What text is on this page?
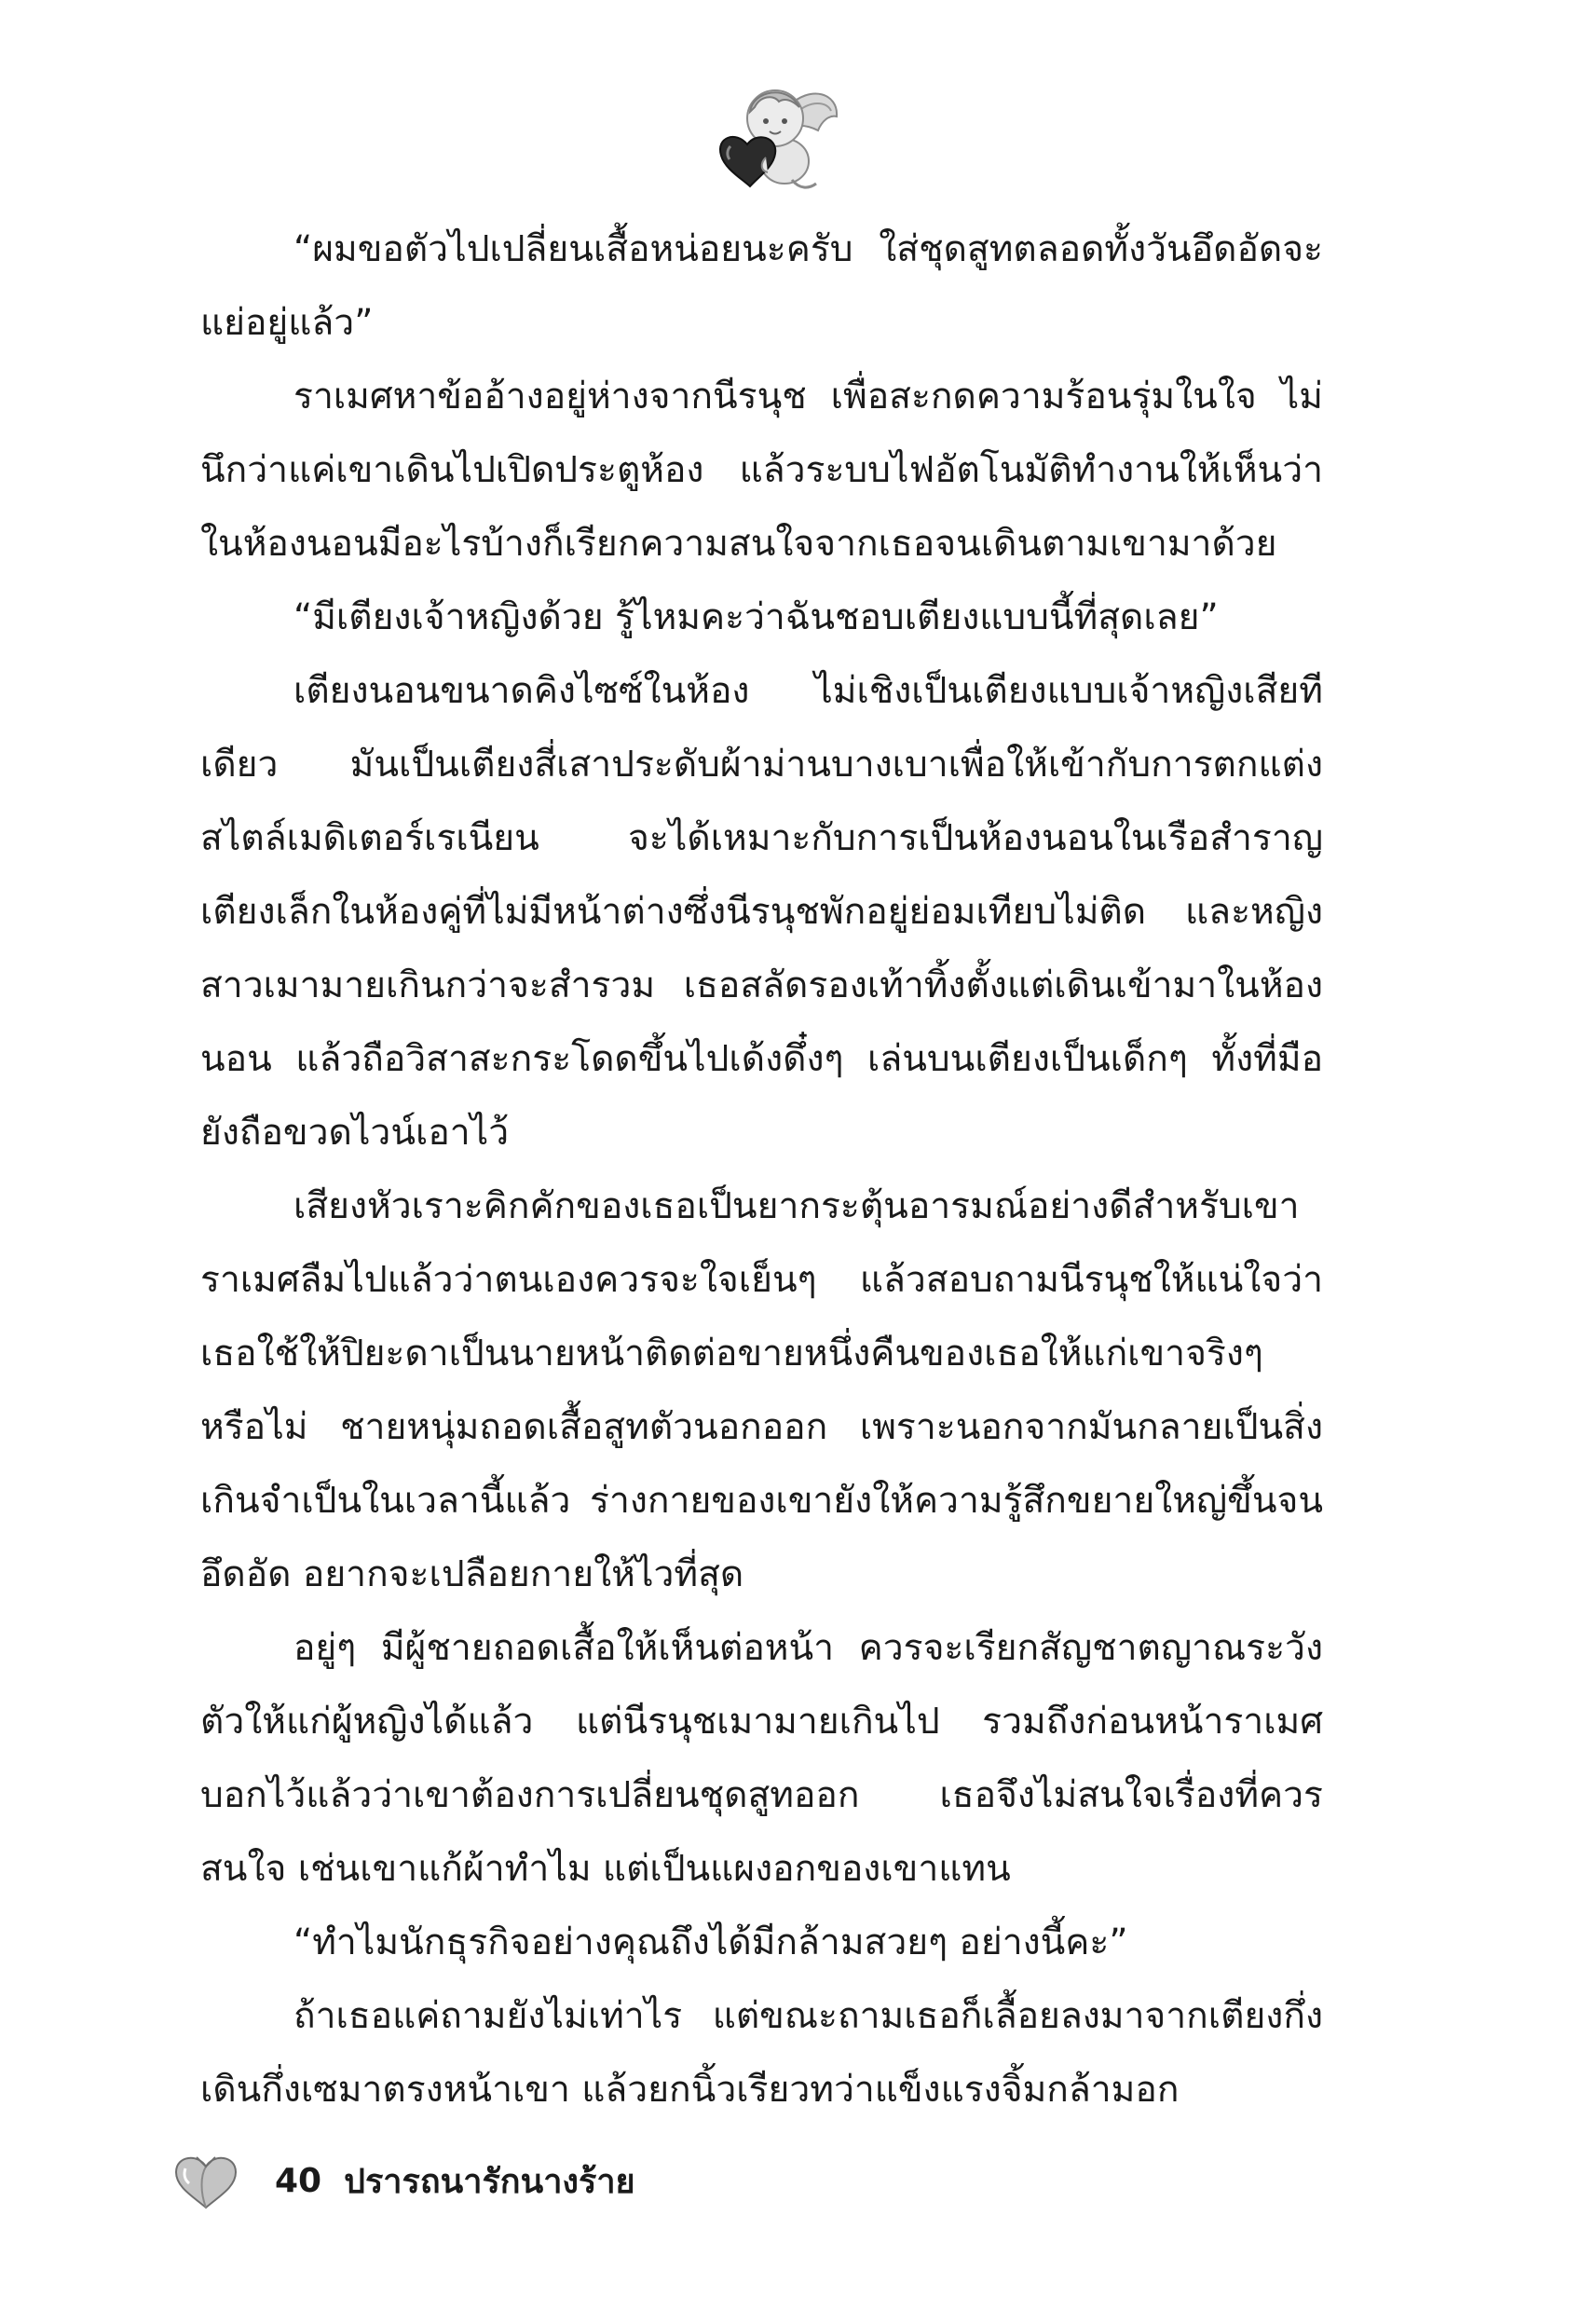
“ผมขอตัวไปเปลี่ยนเสื้อหน่อยนะครับ ใส่ชุดสูทตลอดทั้งวันอึดอัดจะแย่อยู่แล้ว”

ราเมศหาข้ออ้างอยู่ห่างจากนีรนุช เพื่อสะกดความร้อนรุ่มในใจ ไม่นึกว่าแค่เขาเดินไปเปิดประตูห้อง แล้วระบบไฟอัตโนมัติทำงานให้เห็นว่าในห้องนอนมีอะไรบ้างก็เรียกความสนใจจากเธอจนเดินตามเขามาด้วย

“มีเตียงเจ้าหญิงด้วย รู้ไหมคะว่าฉันชอบเตียงแบบนี้ที่สุดเลย”

เตียงนอนขนาดคิงไซซ์ในห้อง ไม่เชิงเป็นเตียงแบบเจ้าหญิงเสียทีเดียว มันเป็นเตียงสี่เสาประดับผ้าม่านบางเบาเพื่อให้เข้ากับการตกแต่งสไตล์เมดิเตอร์เรเนียน จะได้เหมาะกับการเป็นห้องนอนในเรือสำราญ เตียงเล็กในห้องคู่ที่ไม่มีหน้าต่างซึ่งนีรนุชพักอยู่ย่อมเทียบไม่ติด และหญิงสาวเมามายเกินกว่าจะสำรวม เธอสลัดรองเท้าทิ้งตั้งแต่เดินเข้ามาในห้องนอน แล้วถือวิสาสะกระโดดขึ้นไปเด้งดึ๋งๆ เล่นบนเตียงเป็นเด็กๆ ทั้งที่มือยังถือขวดไวน์เอาไว้

เสียงหัวเราะคิกคักของเธอเป็นยากระตุ้นอารมณ์อย่างดีสำหรับเขา ราเมศลืมไปแล้วว่าตนเองควรจะใจเย็นๆ แล้วสอบถามนีรนุชให้แน่ใจว่าเธอใช้ให้ปิยะดาเป็นนายหน้าติดต่อขายหนึ่งคืนของเธอให้แก่เขาจริงๆ หรือไม่ ชายหนุ่มถอดเสื้อสูทตัวนอกออก เพราะนอกจากมันกลายเป็นสิ่งเกินจำเป็นในเวลานี้แล้ว ร่างกายของเขายังให้ความรู้สึกขยายใหญ่ขึ้นจนอึดอัด อยากจะเปลือยกายให้ไวที่สุด

อยู่ๆ มีผู้ชายถอดเสื้อให้เห็นต่อหน้า ควรจะเรียกสัญชาตญาณระวังตัวให้แก่ผู้หญิงได้แล้ว แต่นีรนุชเมามายเกินไป รวมถึงก่อนหน้าราเมศบอกไว้แล้วว่าเขาต้องการเปลี่ยนชุดสูทออก เธอจึงไม่สนใจเรื่องที่ควรสนใจ เช่นเขาแก้ผ้าทำไม แต่เป็นแผงอกของเขาแทน

“ทำไมนักธุรกิจอย่างคุณถึงได้มีกล้ามสวยๆ อย่างนี้คะ”

ถ้าเธอแค่ถามยังไม่เท่าไร แต่ขณะถามเธอก็เลื้อยลงมาจากเตียงกึ่งเดินกึ่งเซมาตรงหน้าเขา แล้วยกนิ้วเรียวทว่าแข็งแรงจิ้มกล้ามอก

40 ปรารถนารักนางร้าย
